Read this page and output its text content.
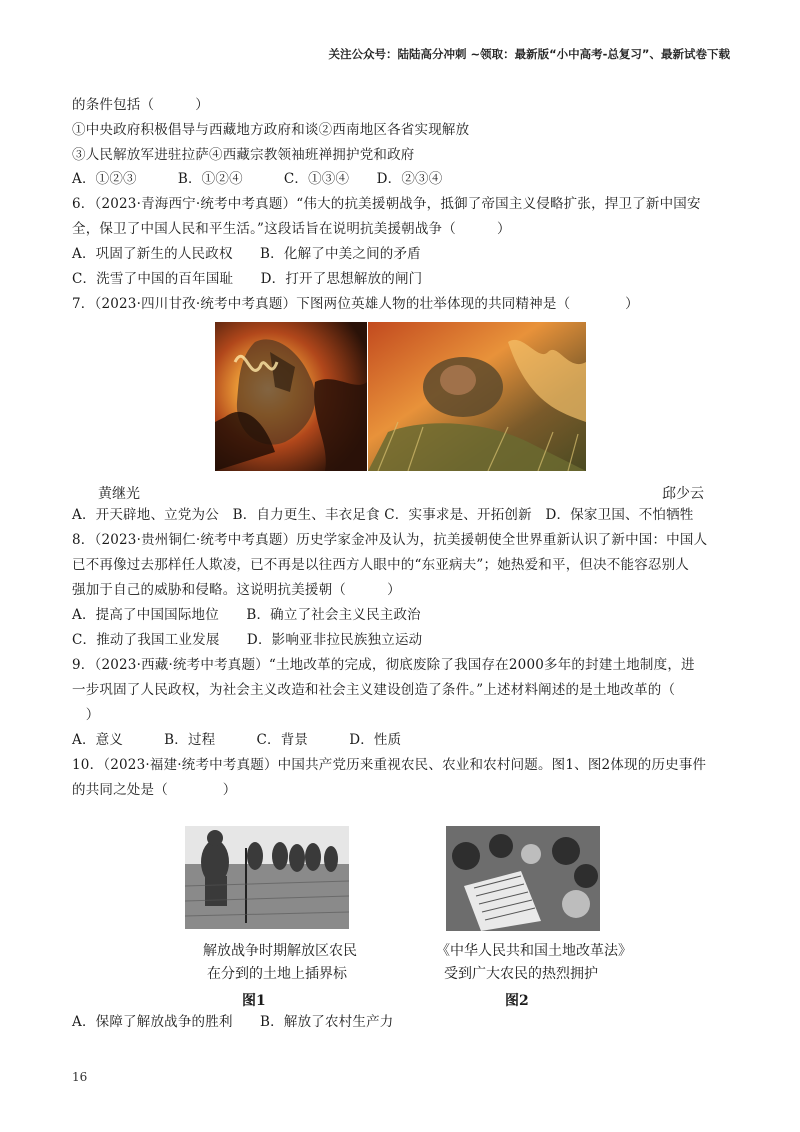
关注公众号：陆陆高分冲刺 ~领取：最新版“小中高考-总复习”、最新试卷下载
的条件包括（　　　）
①中央政府积极倡导与西藏地方政府和谈②西南地区各省实现解放
③人民解放军进驻拉萨④西藏宗教领袖班禅拥护党和政府
A．①②③　　　B．①②④　　　C．①③④　　D．②③④
6．（2023·青海西宁·统考中考真题）“伟大的抗美援朝战争，抵御了帝国主义侵略扩张，捍卫了新中国安
全，保卫了中国人民和平生活。”这段话旨在说明抗美援朝战争（　　　）
A．巩固了新生的人民政权　　B．化解了中美之间的矛盾
C．洗雪了中国的百年国耻　　D．打开了思想解放的闸门
7．（2023·四川甘孜·统考中考真题）下图两位英雄人物的壮举体现的共同精神是（　　　　）
黄继光	邱少云
A．开天辟地、立党为公　B．自力更生、丰衣足食 C．实事求是、开拓创新　D．保家卫国、不怕牺牲
8．（2023·贵州铜仁·统考中考真题）历史学家金冲及认为，抗美援朝使全世界重新认识了新中国：中国人
已不再像过去那样任人欺凌，已不再是以往西方人眼中的“东亚病夫”；她热爱和平，但决不能容忍别人
强加于自己的威胁和侵略。这说明抗美援朝（　　　）
A．提高了中国国际地位　　B．确立了社会主义民主政治
C．推动了我国工业发展　　D．影响亚非拉民族独立运动
9．（2023·西藏·统考中考真题）“土地改革的完成，彻底废除了我国存在2000多年的封建土地制度，进
一步巩固了人民政权，为社会主义改造和社会主义建设创造了条件。”上述材料阐述的是土地改革的（
　）
A．意义　　　B．过程　　　C．背景　　　D．性质
10．（2023·福建·统考中考真题）中国共产党历来重视农民、农业和农村问题。图1、图2体现的历史事件
的共同之处是（　　　　）
解放战争时期解放区农民
在分到的土地上插界标
图1
《中华人民共和国土地改革法》
受到广大农民的热烈拥护
图2
A．保障了解放战争的胜利　　B．解放了农村生产力
16
